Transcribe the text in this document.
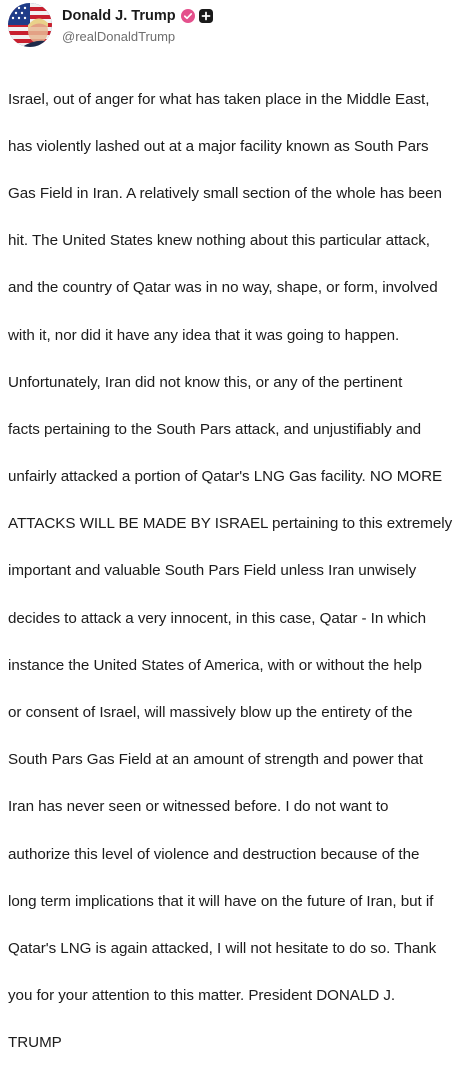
Donald J. Trump
@realDonaldTrump

Israel, out of anger for what has taken place in the Middle East,

has violently lashed out at a major facility known as South Pars

Gas Field in Iran. A relatively small section of the whole has been

hit. The United States knew nothing about this particular attack,

and the country of Qatar was in no way, shape, or form, involved

with it, nor did it have any idea that it was going to happen.

Unfortunately, Iran did not know this, or any of the pertinent

facts pertaining to the South Pars attack, and unjustifiably and

unfairly attacked a portion of Qatar's LNG Gas facility. NO MORE

ATTACKS WILL BE MADE BY ISRAEL pertaining to this extremely

important and valuable South Pars Field unless Iran unwisely

decides to attack a very innocent, in this case, Qatar - In which

instance the United States of America, with or without the help

or consent of Israel, will massively blow up the entirety of the

South Pars Gas Field at an amount of strength and power that

Iran has never seen or witnessed before. I do not want to

authorize this level of violence and destruction because of the

long term implications that it will have on the future of Iran, but if

Qatar's LNG is again attacked, I will not hesitate to do so. Thank

you for your attention to this matter. President DONALD J.

TRUMP
